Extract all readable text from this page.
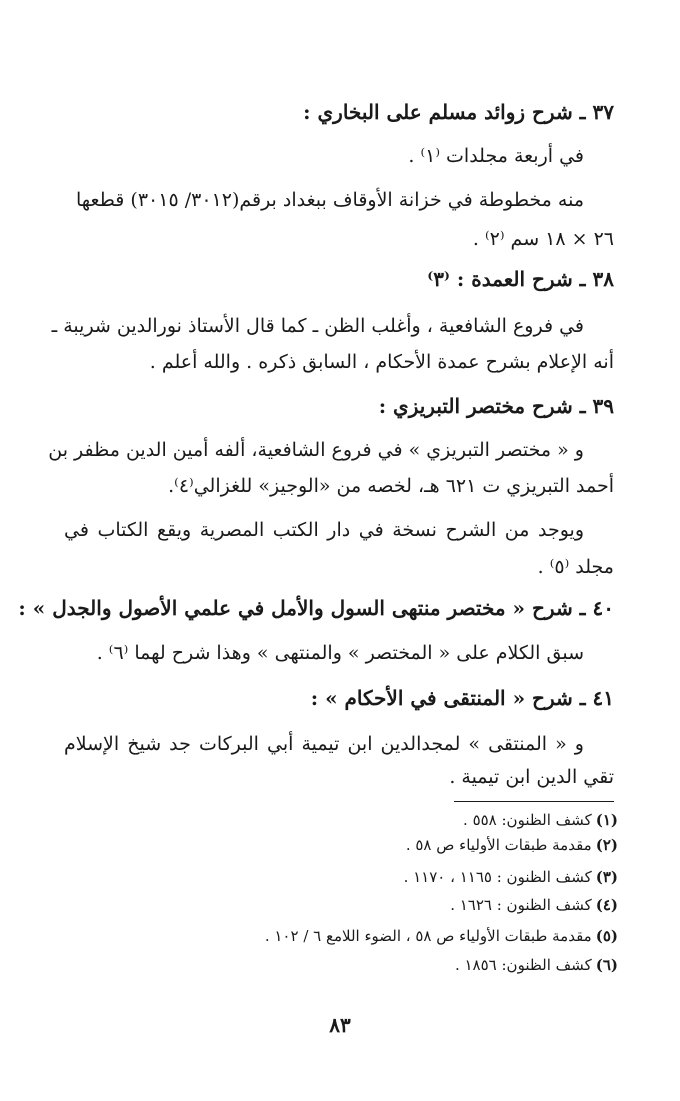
٣٧ ـ شرح زوائد مسلم على البخاري :
في أربعة مجلدات ⁽١⁾ .
منه مخطوطة في خزانة الأوقاف ببغداد برقم(٣٠١٢/ ٣٠١٥) قطعها
٢٦ × ١٨ سم ⁽٢⁾ .
٣٨ ـ شرح العمدة : ⁽٣⁾
في فروع الشافعية ، وأغلب الظن ـ كما قال الأستاذ نورالدين شريبة ـ
أنه الإعلام بشرح عمدة الأحكام ، السابق ذكره . والله أعلم .
٣٩ ـ شرح مختصر التبريزي :
و « مختصر التبريزي » في فروع الشافعية، ألفه أمين الدين مظفر بن
أحمد التبريزي ت ٦٢١ هـ، لخصه من «الوجيز» للغزالي⁽٤⁾.
ويوجد من الشرح نسخة في دار الكتب المصرية ويقع الكتاب في
مجلد ⁽٥⁾ .
٤٠ ـ شرح « مختصر منتهى السول والأمل في علمي الأصول والجدل » :
سبق الكلام على « المختصر » والمنتهى » وهذا شرح لهما ⁽٦⁾ .
٤١ ـ شرح « المنتقى في الأحكام » :
و « المنتقى » لمجدالدين ابن تيمية أبي البركات جد شيخ الإسلام
تقي الدين ابن تيمية .
(١)كشف الظنون: ٥٥٨ .
(٢)مقدمة طبقات الأولياء ص ٥٨ .
(٣)كشف الظنون : ١١٦٥ ، ١١٧٠ .
(٤)كشف الظنون : ١٦٢٦ .
(٥)مقدمة طبقات الأولياء ص ٥٨ ، الضوء اللامع ٦ / ١٠٢ .
(٦)كشف الظنون: ١٨٥٦ .
٨٣
